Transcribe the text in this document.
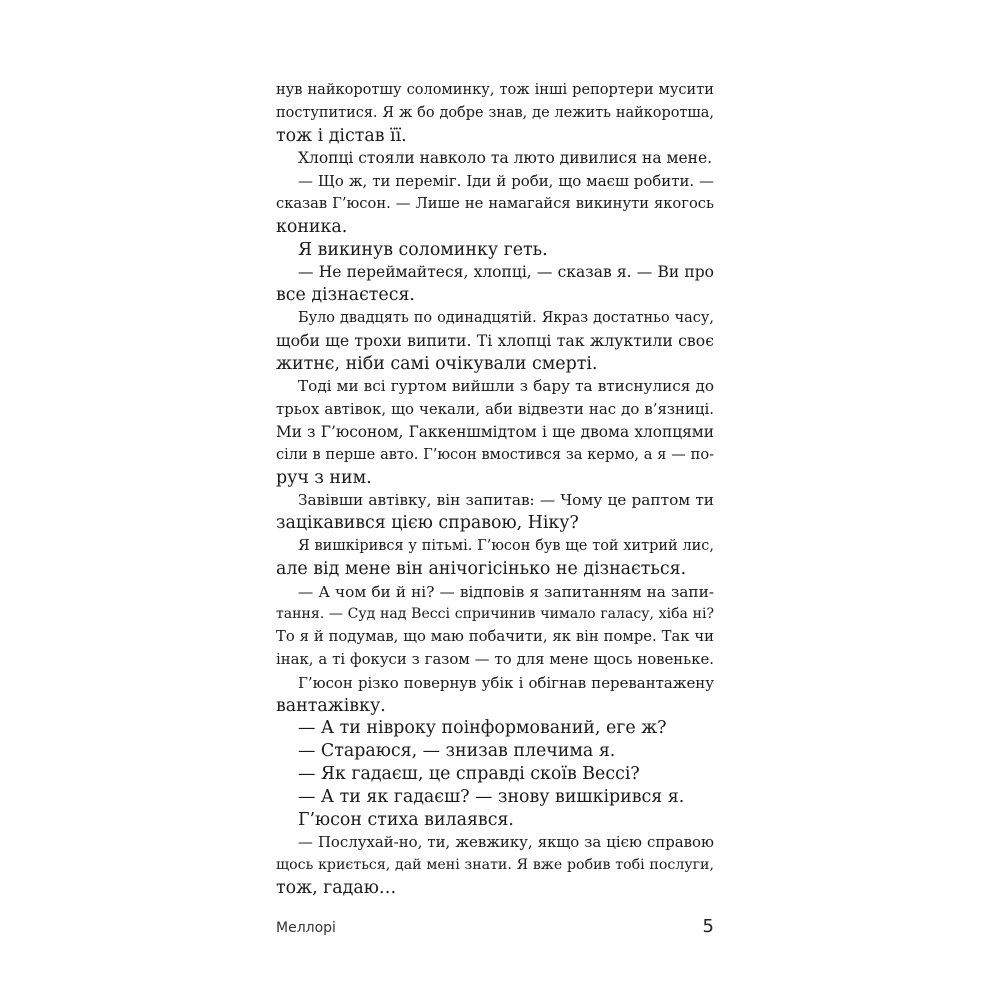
нув найкоротшу соломинку, тож інші репортери мусити
поступитися. Я ж бо добре знав, де лежить найкоротша,
тож і дістав її.
Хлопці стояли навколо та люто дивилися на мене.
— Що ж, ти переміг. Іди й роби, що маєш робити. —
сказав Г’юсон. — Лише не намагайся викинути якогось
коника.
Я викинув соломинку геть.
— Не переймайтеся, хлопці, — сказав я. — Ви про
все дізнаєтеся.
Було двадцять по одинадцятій. Якраз достатньо часу,
щоби ще трохи випити. Ті хлопці так жлуктили своє
житнє, ніби самі очікували смерті.
Тоді ми всі гуртом вийшли з бару та втиснулися до
трьох автівок, що чекали, аби відвезти нас до в’язниці.
Ми з Г’юсоном, Гаккеншмідтом і ще двома хлопцями
сіли в перше авто. Г’юсон вмостився за кермо, а я — по-
руч з ним.
Завівши автівку, він запитав: — Чому це раптом ти
зацікавився цією справою, Ніку?
Я вишкірився у пітьмі. Г’юсон був ще той хитрий лис,
але від мене він анічогісінько не дізнається.
— А чом би й ні? — відповів я запитанням на запи-
тання. — Суд над Вессі спричинив чимало галасу, хіба ні?
То я й подумав, що маю побачити, як він помре. Так чи
інак, а ті фокуси з газом — то для мене щось новеньке.
Г’юсон різко повернув убік і обігнав перевантажену
вантажівку.
— А ти нівроку поінформований, еге ж?
— Стараюся, — знизав плечима я.
— Як гадаєш, це справді скоїв Вессі?
— А ти як гадаєш? — знову вишкірився я.
Г’юсон стиха вилаявся.
— Послухай-но, ти, жевжику, якщо за цією справою
щось криється, дай мені знати. Я вже робив тобі послуги,
тож, гадаю…
Меллорі	5
